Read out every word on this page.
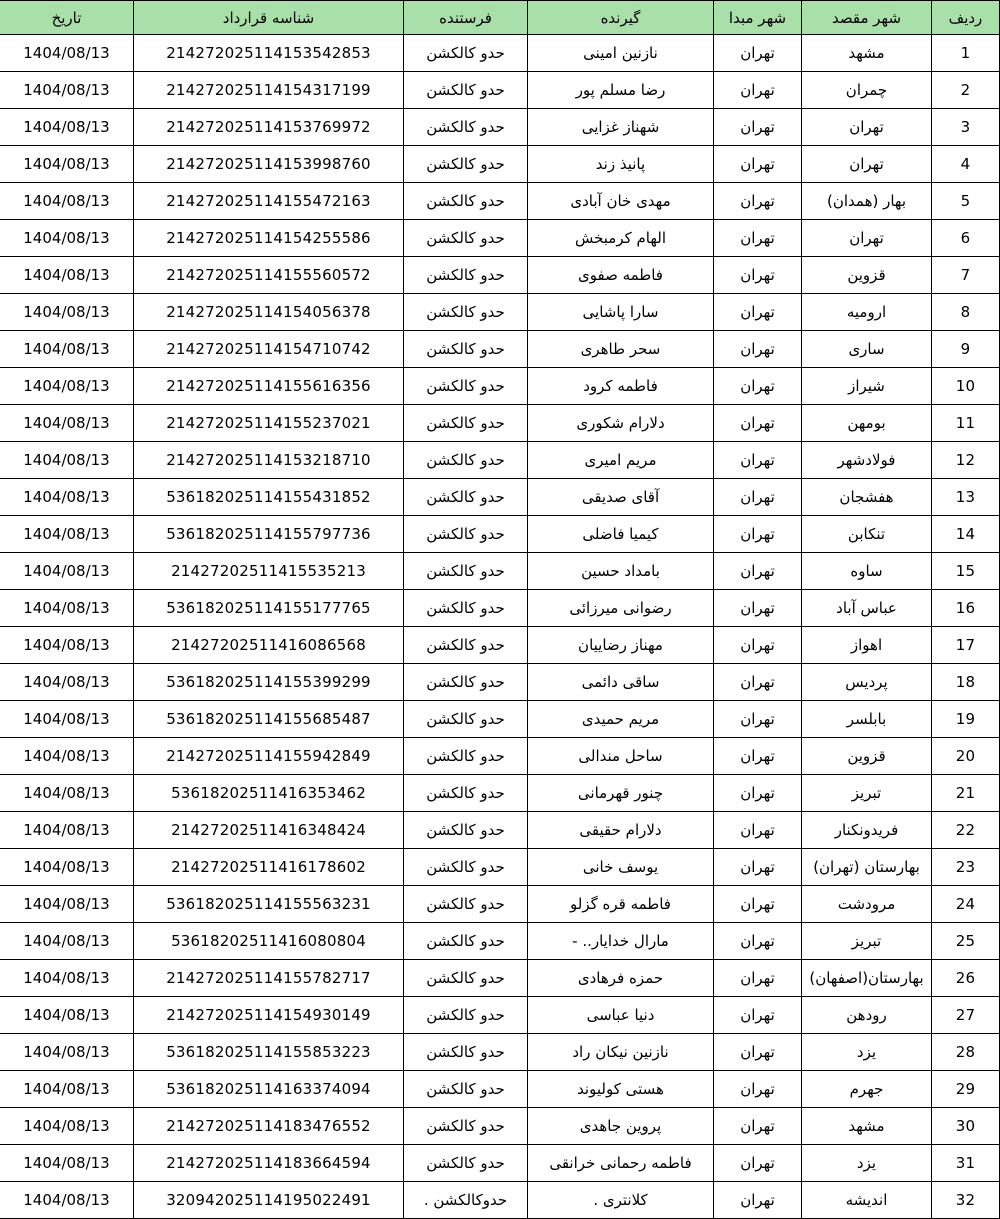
ردیف	شهر مقصد	شهر مبدا	گیرنده	فرستنده	شناسه قرارداد	تاریخ
1	مشهد	تهران	نازنین امینی	حدو کالکشن	214272025114153542853	1404/08/13
2	چمران	تهران	رضا مسلم پور	حدو کالکشن	214272025114154317199	1404/08/13
3	تهران	تهران	شهناز غزایی	حدو کالکشن	214272025114153769972	1404/08/13
4	تهران	تهران	پانیذ زند	حدو کالکشن	214272025114153998760	1404/08/13
5	بهار (همدان)	تهران	مهدی خان آبادی	حدو کالکشن	214272025114155472163	1404/08/13
6	تهران	تهران	الهام کرمبخش	حدو کالکشن	214272025114154255586	1404/08/13
7	قزوین	تهران	فاطمه صفوی	حدو کالکشن	214272025114155560572	1404/08/13
8	ارومیه	تهران	سارا پاشایی	حدو کالکشن	214272025114154056378	1404/08/13
9	ساری	تهران	سحر طاهری	حدو کالکشن	214272025114154710742	1404/08/13
10	شیراز	تهران	فاطمه کرود	حدو کالکشن	214272025114155616356	1404/08/13
11	بومهن	تهران	دلارام شکوری	حدو کالکشن	214272025114155237021	1404/08/13
12	فولادشهر	تهران	مریم امیری	حدو کالکشن	214272025114153218710	1404/08/13
13	هفشجان	تهران	آقای صدیقی	حدو کالکشن	536182025114155431852	1404/08/13
14	تنکابن	تهران	کیمیا فاضلی	حدو کالکشن	536182025114155797736	1404/08/13
15	ساوه	تهران	بامداد حسین	حدو کالکشن	21427202511415535213	1404/08/13
16	عباس آباد	تهران	رضوانی میرزائی	حدو کالکشن	536182025114155177765	1404/08/13
17	اهواز	تهران	مهناز رضاییان	حدو کالکشن	21427202511416086568	1404/08/13
18	پردیس	تهران	ساقی دائمی	حدو کالکشن	536182025114155399299	1404/08/13
19	بابلسر	تهران	مریم حمیدی	حدو کالکشن	536182025114155685487	1404/08/13
20	قزوین	تهران	ساحل مندالی	حدو کالکشن	214272025114155942849	1404/08/13
21	تبریز	تهران	چنور قهرمانی	حدو کالکشن	53618202511416353462	1404/08/13
22	فریدونکنار	تهران	دلارام حقیقی	حدو کالکشن	21427202511416348424	1404/08/13
23	بهارستان (تهران)	تهران	یوسف خانی	حدو کالکشن	21427202511416178602	1404/08/13
24	مرودشت	تهران	فاطمه قره گزلو	حدو کالکشن	536182025114155563231	1404/08/13
25	تبریز	تهران	مارال خدایار.. -	حدو کالکشن	53618202511416080804	1404/08/13
26	بهارستان(اصفهان)	تهران	حمزه فرهادی	حدو کالکشن	214272025114155782717	1404/08/13
27	رودهن	تهران	دنیا عباسی	حدو کالکشن	214272025114154930149	1404/08/13
28	یزد	تهران	نازنین نیکان راد	حدو کالکشن	536182025114155853223	1404/08/13
29	جهرم	تهران	هستی کولیوند	حدو کالکشن	536182025114163374094	1404/08/13
30	مشهد	تهران	پروین جاهدی	حدو کالکشن	214272025114183476552	1404/08/13
31	یزد	تهران	فاطمه رحمانی خرانقی	حدو کالکشن	214272025114183664594	1404/08/13
32	اندیشه	تهران	کلانتری .	حدوکالکشن .	320942025114195022491	1404/08/13
